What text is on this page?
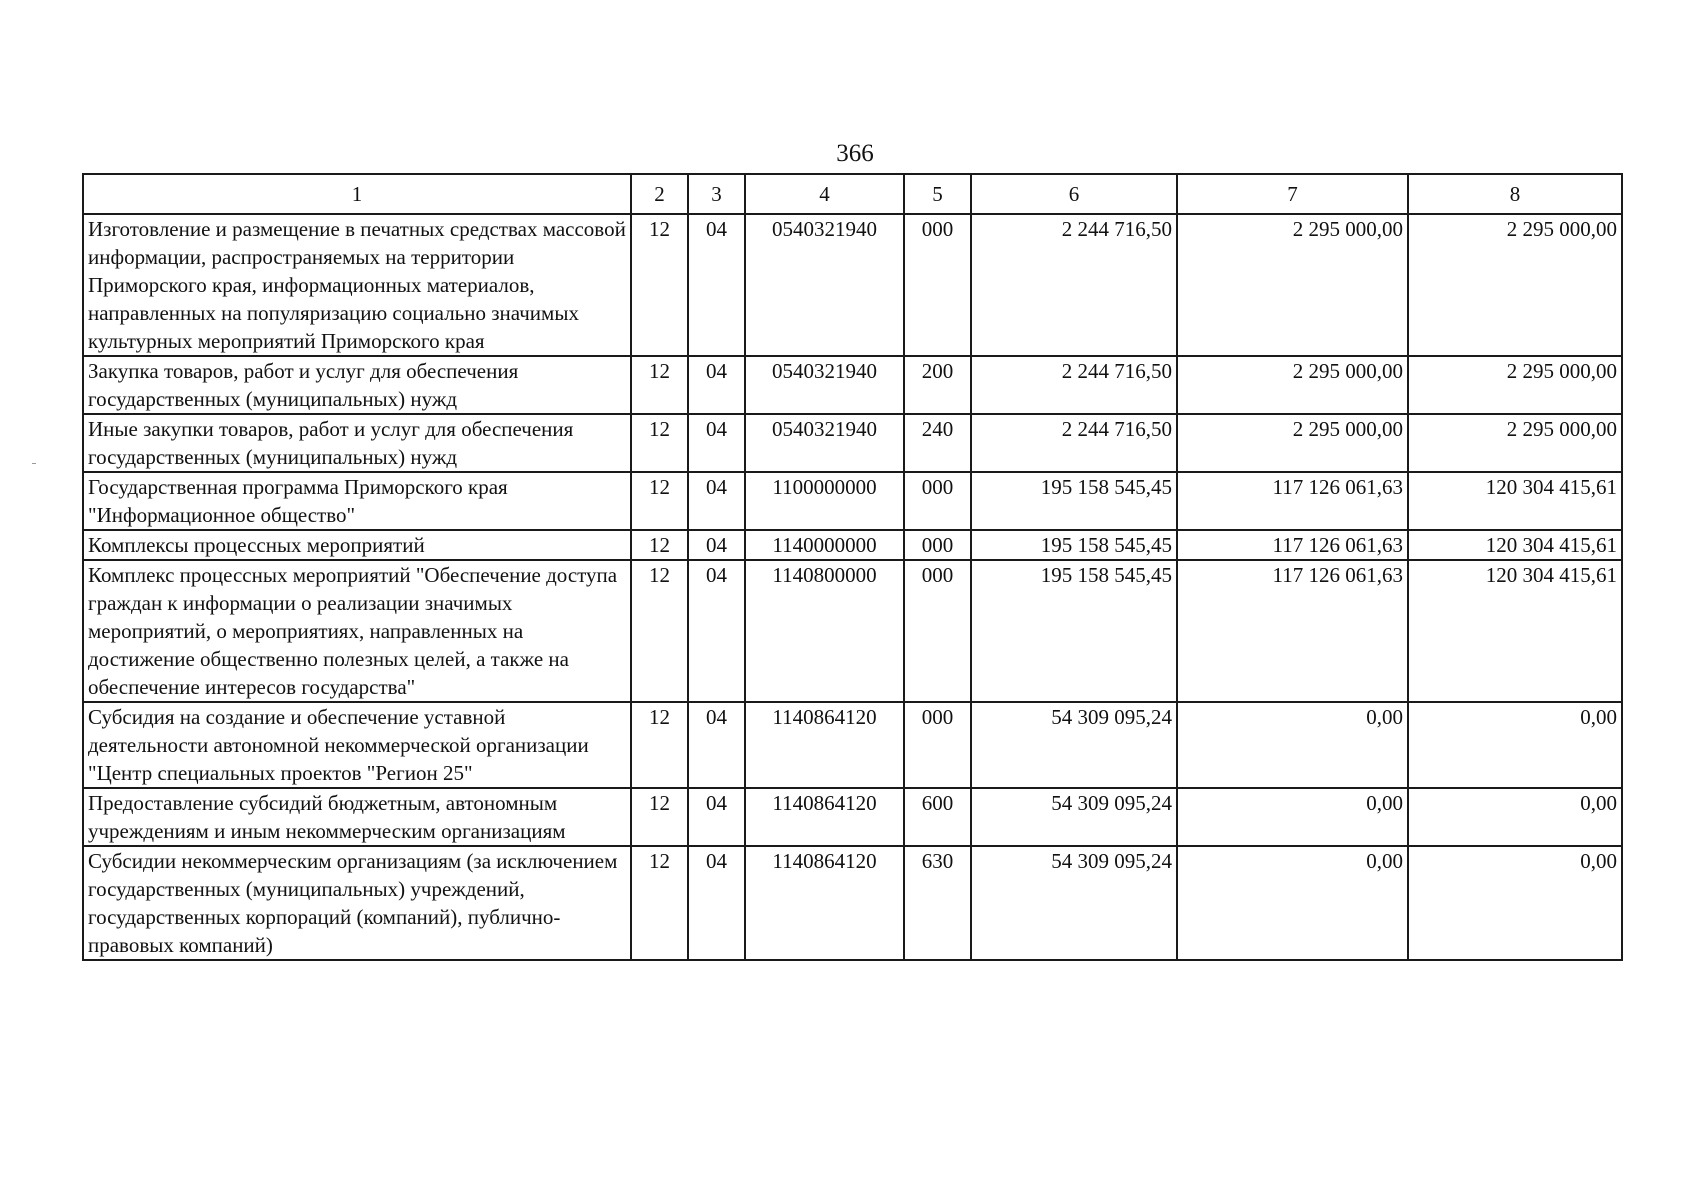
366
1	2	3	4	5	6	7	8
Изготовление и размещение в печатных средствах массовой информации, распространяемых на территории Приморского края, информационных материалов, направленных на популяризацию социально значимых культурных мероприятий Приморского края	12	04	0540321940	000	2 244 716,50	2 295 000,00	2 295 000,00
Закупка товаров, работ и услуг для обеспечения государственных (муниципальных) нужд	12	04	0540321940	200	2 244 716,50	2 295 000,00	2 295 000,00
Иные закупки товаров, работ и услуг для обеспечения государственных (муниципальных) нужд	12	04	0540321940	240	2 244 716,50	2 295 000,00	2 295 000,00
Государственная программа Приморского края "Информационное общество"	12	04	1100000000	000	195 158 545,45	117 126 061,63	120 304 415,61
Комплексы процессных мероприятий	12	04	1140000000	000	195 158 545,45	117 126 061,63	120 304 415,61
Комплекс процессных мероприятий "Обеспечение доступа граждан к информации о реализации значимых мероприятий, о мероприятиях, направленных на достижение общественно полезных целей, а также на обеспечение интересов государства"	12	04	1140800000	000	195 158 545,45	117 126 061,63	120 304 415,61
Субсидия на создание и обеспечение уставной деятельности автономной некоммерческой организации "Центр специальных проектов "Регион 25"	12	04	1140864120	000	54 309 095,24	0,00	0,00
Предоставление субсидий бюджетным, автономным учреждениям и иным некоммерческим организациям	12	04	1140864120	600	54 309 095,24	0,00	0,00
Субсидии некоммерческим организациям (за исключением государственных (муниципальных) учреждений, государственных корпораций (компаний), публично-правовых компаний)	12	04	1140864120	630	54 309 095,24	0,00	0,00
